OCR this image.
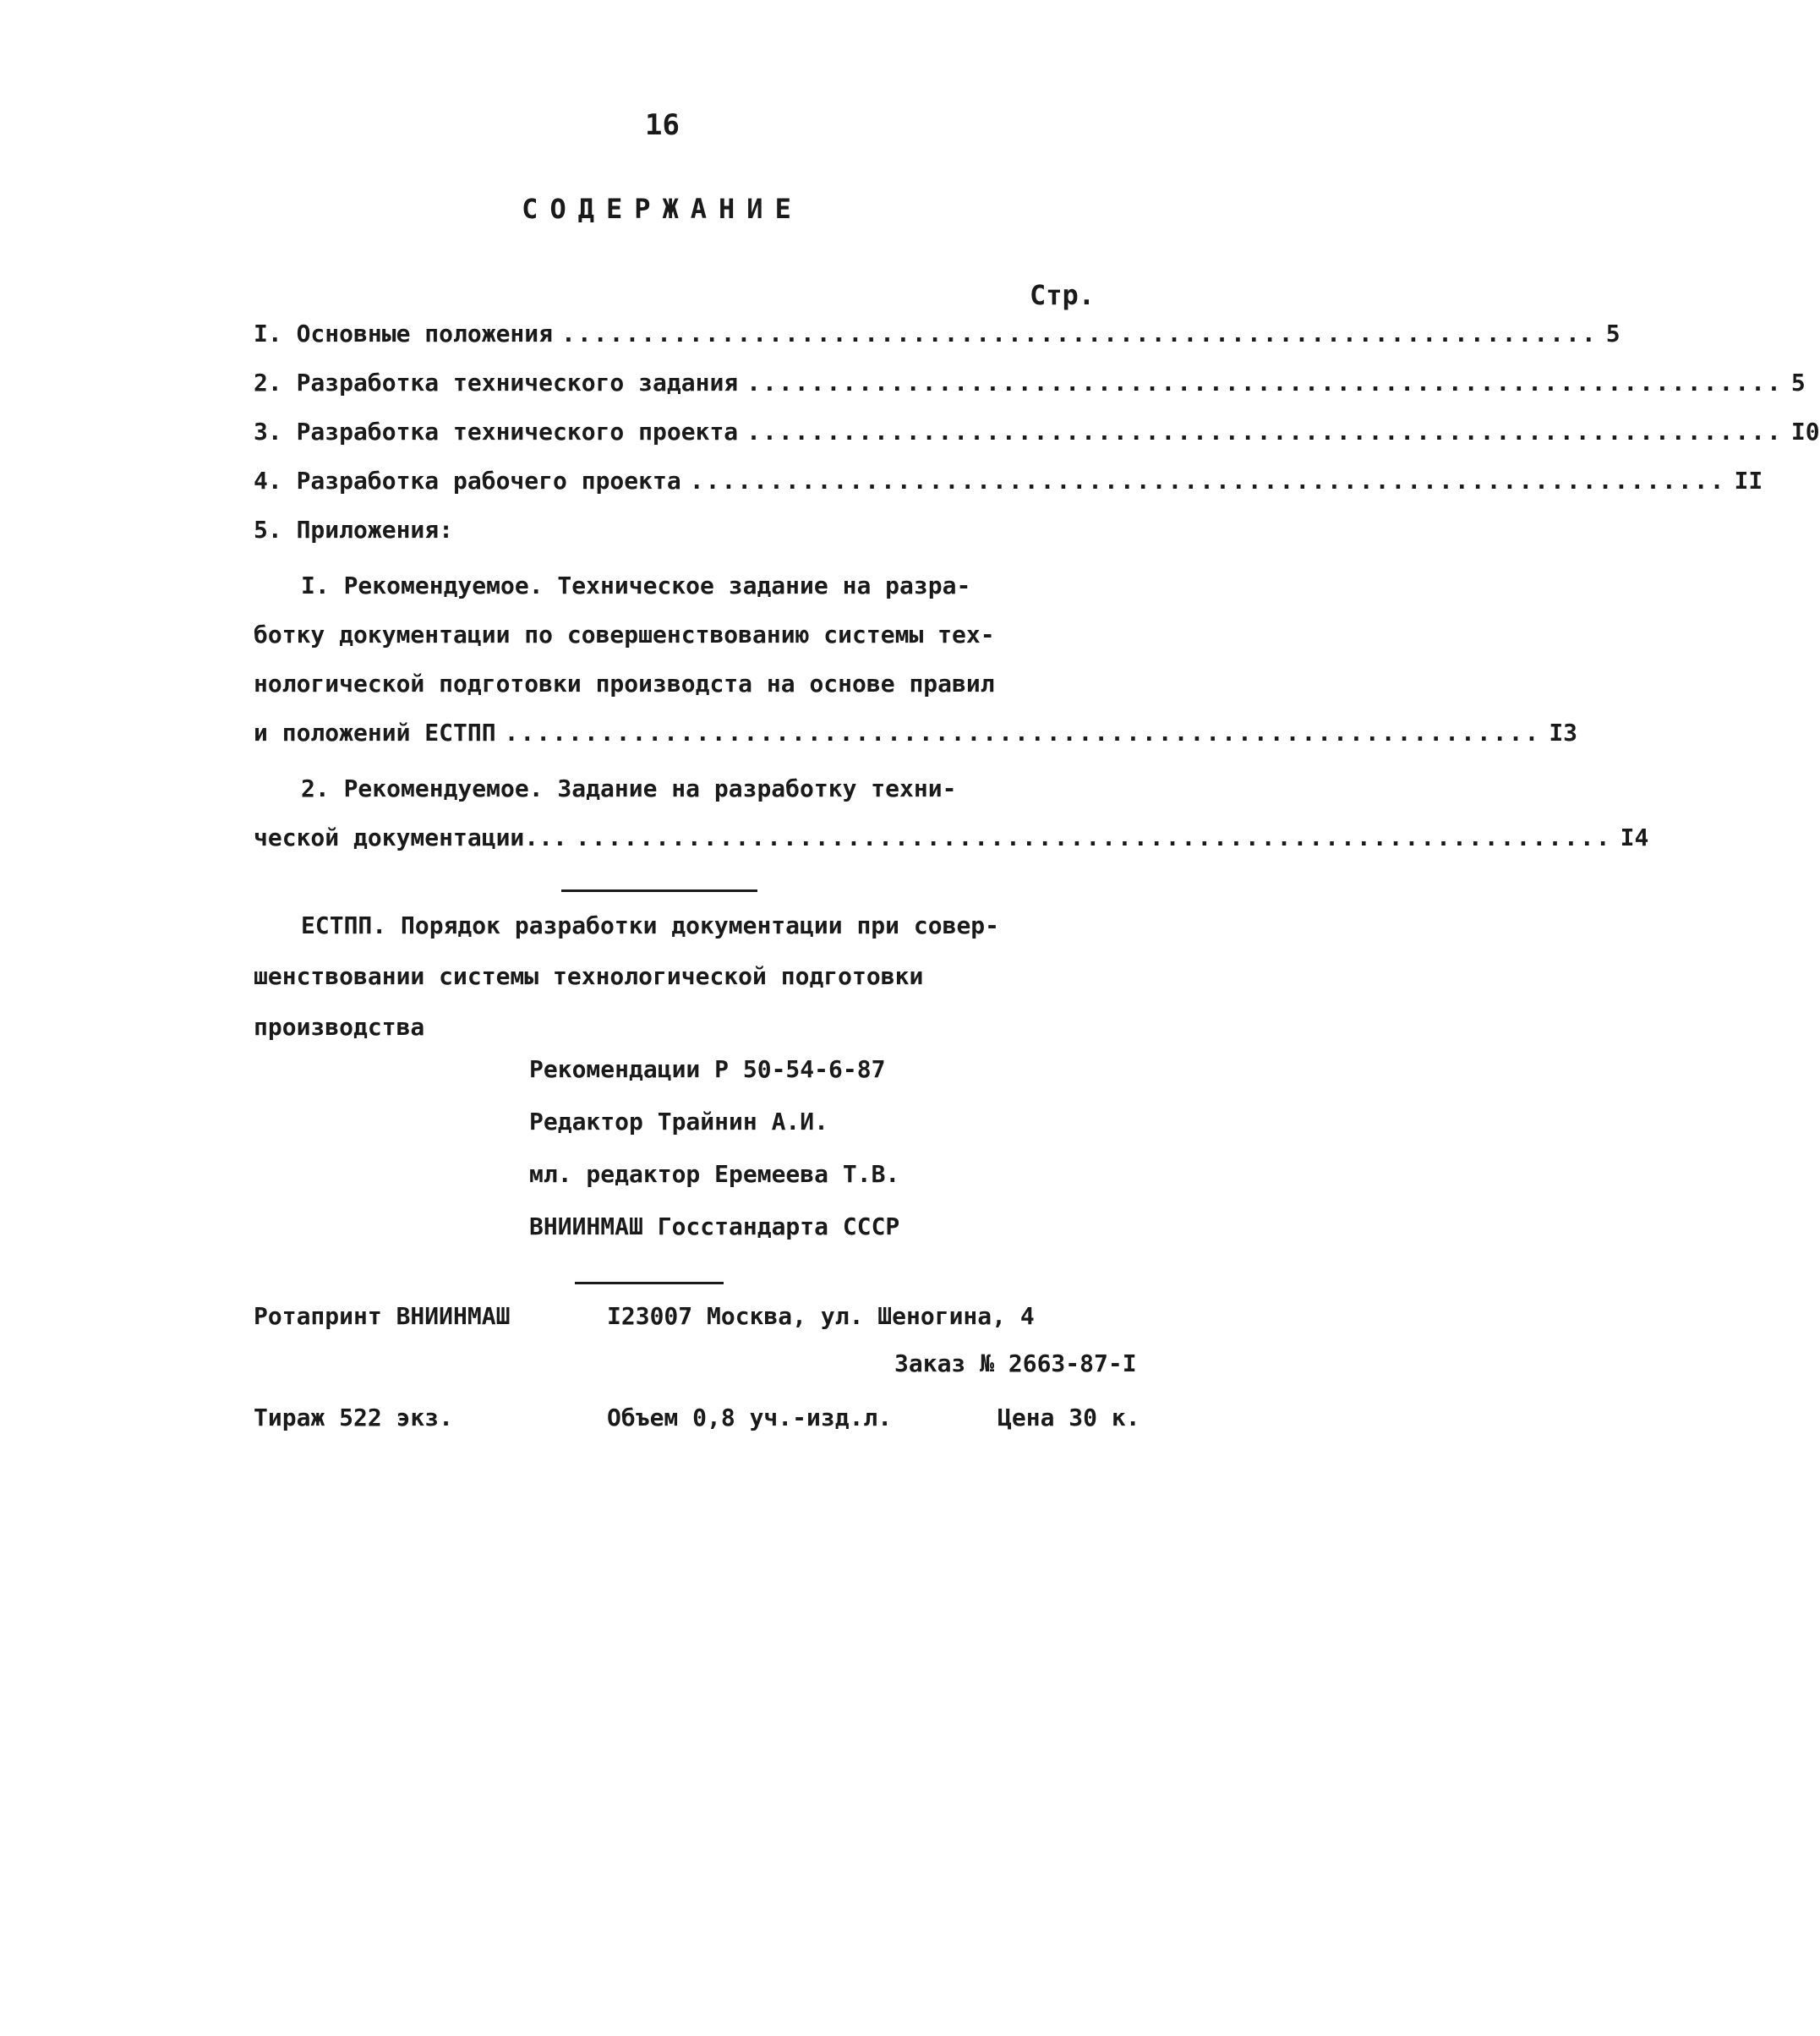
16
СОДЕРЖАНИЕ
Стр.
I. Основные положения ................................................................. 5
2. Разработка технического задания ................................................................. 5
3. Разработка технического проекта ................................................................. I0
4. Разработка рабочего проекта ................................................................. II
5. Приложения:
I. Рекомендуемое. Техническое задание на разра-
ботку документации по совершенствованию системы тех-
нологической подготовки производста на основе правил
и положений ЕСТПП ................................................................. I3
2. Рекомендуемое. Задание на разработку техни-
ческой документации... ................................................................. I4
ЕСТПП. Порядок разработки документации при совер-
шенствовании системы технологической подготовки
производства
Рекомендации Р 50-54-6-87
Редактор Трайнин А.И.
мл. редактор Еремеева Т.В.
ВНИИНМАШ Госстандарта СССР
Ротапринт ВНИИНМАШ	I23007 Москва, ул. Шеногина, 4
Заказ № 2663-87-I
Тираж 522 экз.	Объем 0,8 уч.-изд.л.	Цена 30 к.
